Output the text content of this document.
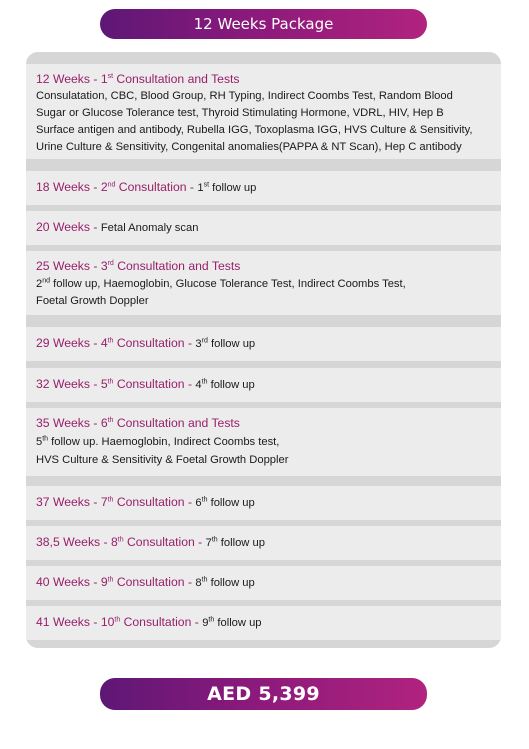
12 Weeks Package
12 Weeks - 1st Consultation and Tests
Consulatation, CBC, Blood Group, RH Typing, Indirect Coombs Test, Random Blood
Sugar or Glucose Tolerance test, Thyroid Stimulating Hormone, VDRL, HIV, Hep B
Surface antigen and antibody, Rubella IGG, Toxoplasma IGG, HVS Culture & Sensitivity,
Urine Culture & Sensitivity, Congenital anomalies(PAPPA & NT Scan), Hep C antibody
18 Weeks - 2nd Consultation - 1st follow up
20 Weeks - Fetal Anomaly scan
25 Weeks - 3rd Consultation and Tests
2nd follow up, Haemoglobin, Glucose Tolerance Test, Indirect Coombs Test,
Foetal Growth Doppler
29 Weeks - 4th Consultation - 3rd follow up
32 Weeks - 5th Consultation - 4th follow up
35 Weeks - 6th Consultation and Tests
5th follow up. Haemoglobin, Indirect Coombs test,
HVS Culture & Sensitivity & Foetal Growth Doppler
37 Weeks - 7th Consultation - 6th follow up
38,5 Weeks - 8th Consultation - 7th follow up
40 Weeks - 9th Consultation - 8th follow up
41 Weeks - 10th Consultation - 9th follow up
AED 5,399
